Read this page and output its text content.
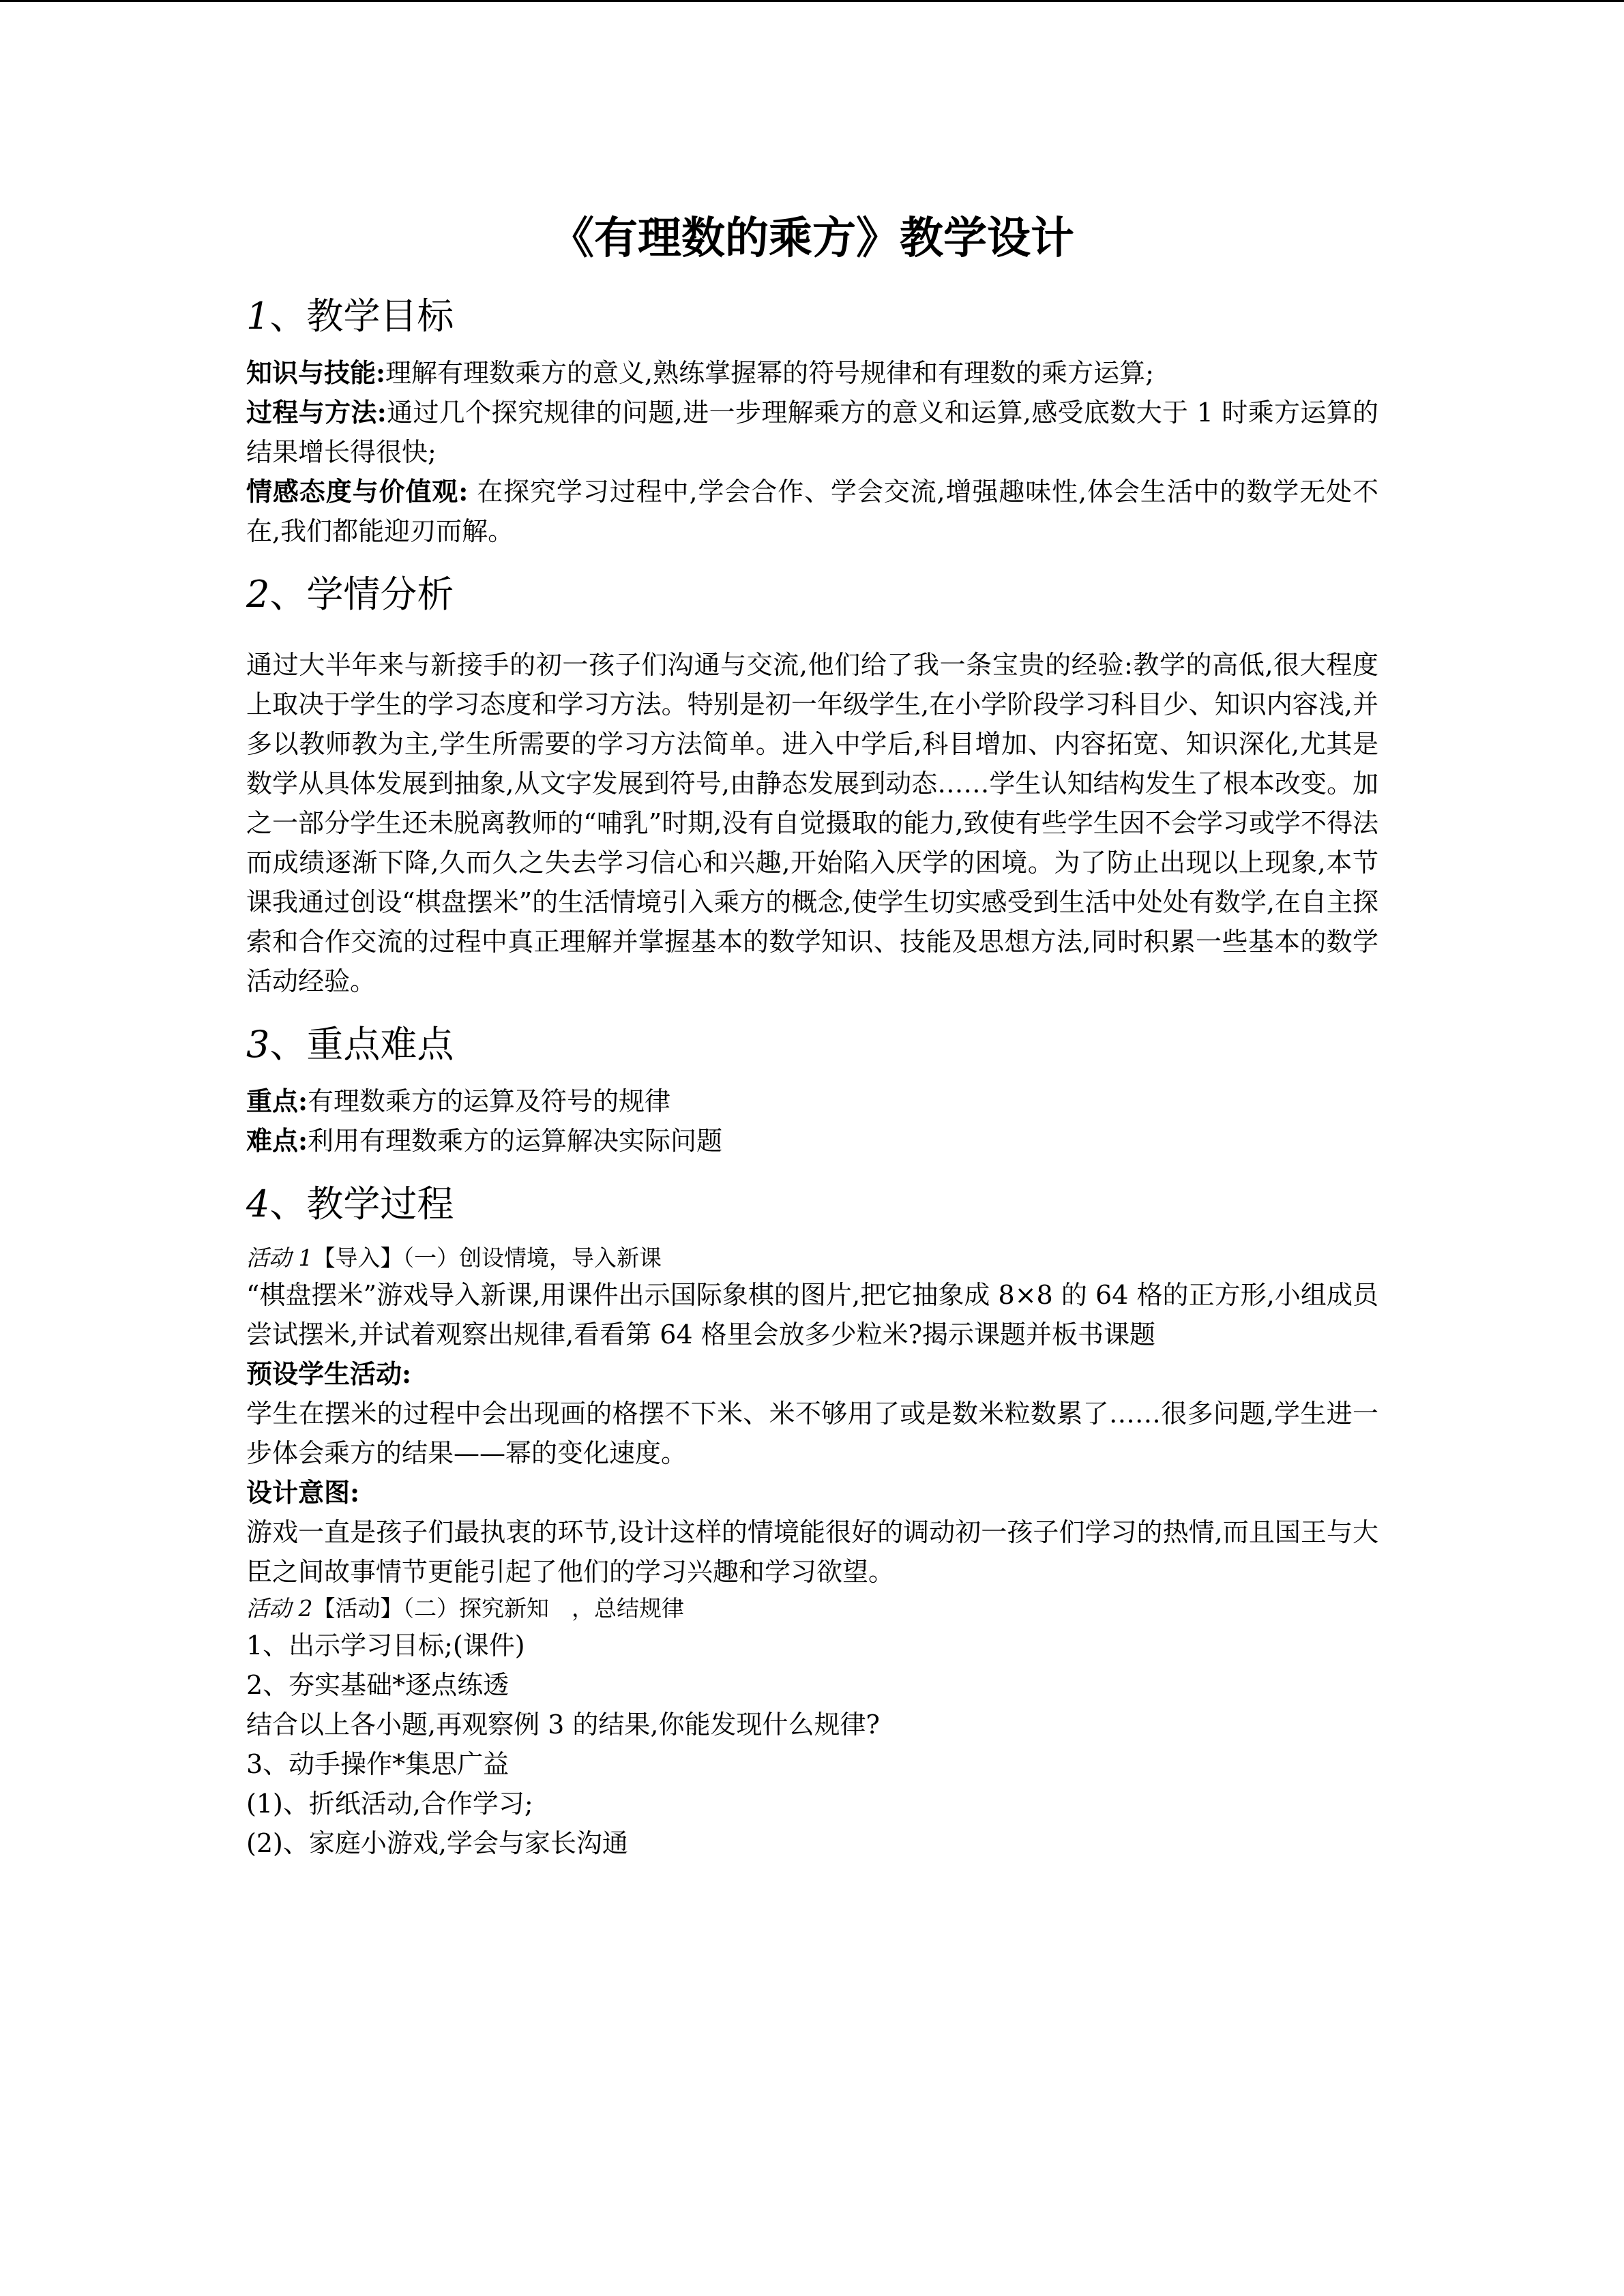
《有理数的乘方》教学设计
1、教学目标

知识与技能:理解有理数乘方的意义,熟练掌握幂的符号规律和有理数的乘方运算;

过程与方法:通过几个探究规律的问题,进一步理解乘方的意义和运算,感受底数大于 1 时乘方运算的结果增长得很快;

情感态度与价值观: 在探究学习过程中,学会合作、学会交流,增强趣味性,体会生活中的数学无处不在,我们都能迎刃而解。

2、学情分析

通过大半年来与新接手的初一孩子们沟通与交流,他们给了我一条宝贵的经验:教学的高低,很大程度上取决于学生的学习态度和学习方法。特别是初一年级学生,在小学阶段学习科目少、知识内容浅,并多以教师教为主,学生所需要的学习方法简单。进入中学后,科目增加、内容拓宽、知识深化,尤其是数学从具体发展到抽象,从文字发展到符号,由静态发展到动态……学生认知结构发生了根本改变。加之一部分学生还未脱离教师的“哺乳”时期,没有自觉摄取的能力,致使有些学生因不会学习或学不得法而成绩逐渐下降,久而久之失去学习信心和兴趣,开始陷入厌学的困境。为了防止出现以上现象,本节课我通过创设“棋盘摆米”的生活情境引入乘方的概念,使学生切实感受到生活中处处有数学,在自主探索和合作交流的过程中真正理解并掌握基本的数学知识、技能及思想方法,同时积累一些基本的数学活动经验。

3、重点难点

重点:有理数乘方的运算及符号的规律

难点:利用有理数乘方的运算解决实际问题

4、教学过程

活动 1【导入】（一）创设情境，导入新课

“棋盘摆米”游戏导入新课,用课件出示国际象棋的图片,把它抽象成 8×8 的 64 格的正方形,小组成员尝试摆米,并试着观察出规律,看看第 64 格里会放多少粒米?揭示课题并板书课题

预设学生活动:

学生在摆米的过程中会出现画的格摆不下米、米不够用了或是数米粒数累了……很多问题,学生进一步体会乘方的结果——幂的变化速度。

设计意图:

游戏一直是孩子们最执衷的环节,设计这样的情境能很好的调动初一孩子们学习的热情,而且国王与大臣之间故事情节更能引起了他们的学习兴趣和学习欲望。

活动 2【活动】（二）探究新知　，总结规律

1、出示学习目标;(课件)

2、夯实基础*逐点练透

结合以上各小题,再观察例 3 的结果,你能发现什么规律?

3、动手操作*集思广益

(1)、折纸活动,合作学习;

(2)、家庭小游戏,学会与家长沟通
